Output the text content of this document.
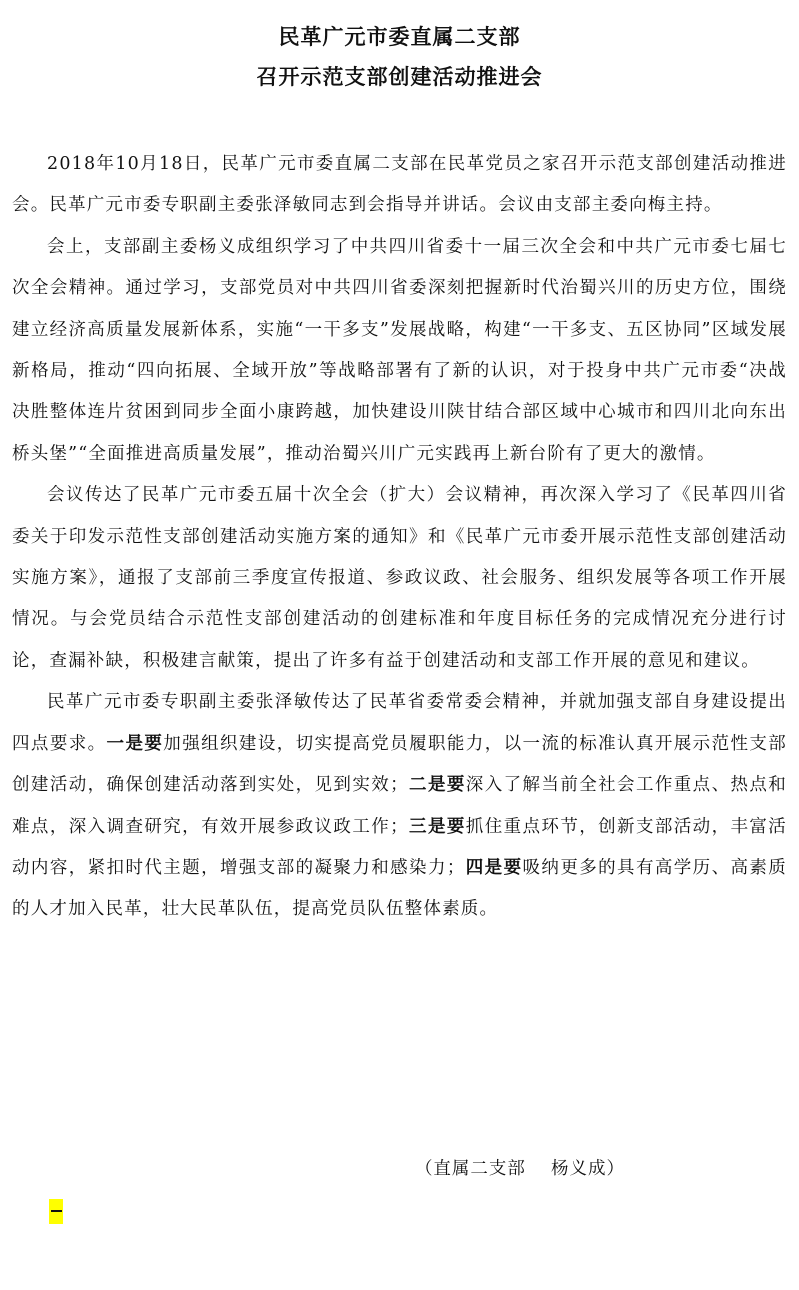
民革广元市委直属二支部
召开示范支部创建活动推进会

2018年10月18日，民革广元市委直属二支部在民革党员之家召开示范支部创建活动推进会。民革广元市委专职副主委张泽敏同志到会指导并讲话。会议由支部主委向梅主持。

会上，支部副主委杨义成组织学习了中共四川省委十一届三次全会和中共广元市委七届七次全会精神。通过学习，支部党员对中共四川省委深刻把握新时代治蜀兴川的历史方位，围绕建立经济高质量发展新体系，实施“一干多支”发展战略，构建“一干多支、五区协同”区域发展新格局，推动“四向拓展、全域开放”等战略部署有了新的认识，对于投身中共广元市委“决战决胜整体连片贫困到同步全面小康跨越，加快建设川陕甘结合部区域中心城市和四川北向东出桥头堡”“全面推进高质量发展”，推动治蜀兴川广元实践再上新台阶有了更大的激情。

会议传达了民革广元市委五届十次全会（扩大）会议精神，再次深入学习了《民革四川省委关于印发示范性支部创建活动实施方案的通知》和《民革广元市委开展示范性支部创建活动实施方案》，通报了支部前三季度宣传报道、参政议政、社会服务、组织发展等各项工作开展情况。与会党员结合示范性支部创建活动的创建标准和年度目标任务的完成情况充分进行讨论，查漏补缺，积极建言献策，提出了许多有益于创建活动和支部工作开展的意见和建议。

民革广元市委专职副主委张泽敏传达了民革省委常委会精神，并就加强支部自身建设提出四点要求。一是要加强组织建设，切实提高党员履职能力，以一流的标准认真开展示范性支部创建活动，确保创建活动落到实处，见到实效；二是要深入了解当前全社会工作重点、热点和难点，深入调查研究，有效开展参政议政工作；三是要抓住重点环节，创新支部活动，丰富活动内容，紧扣时代主题，增强支部的凝聚力和感染力；四是要吸纳更多的具有高学历、高素质的人才加入民革，壮大民革队伍，提高党员队伍整体素质。

（直属二支部　 杨义成）
